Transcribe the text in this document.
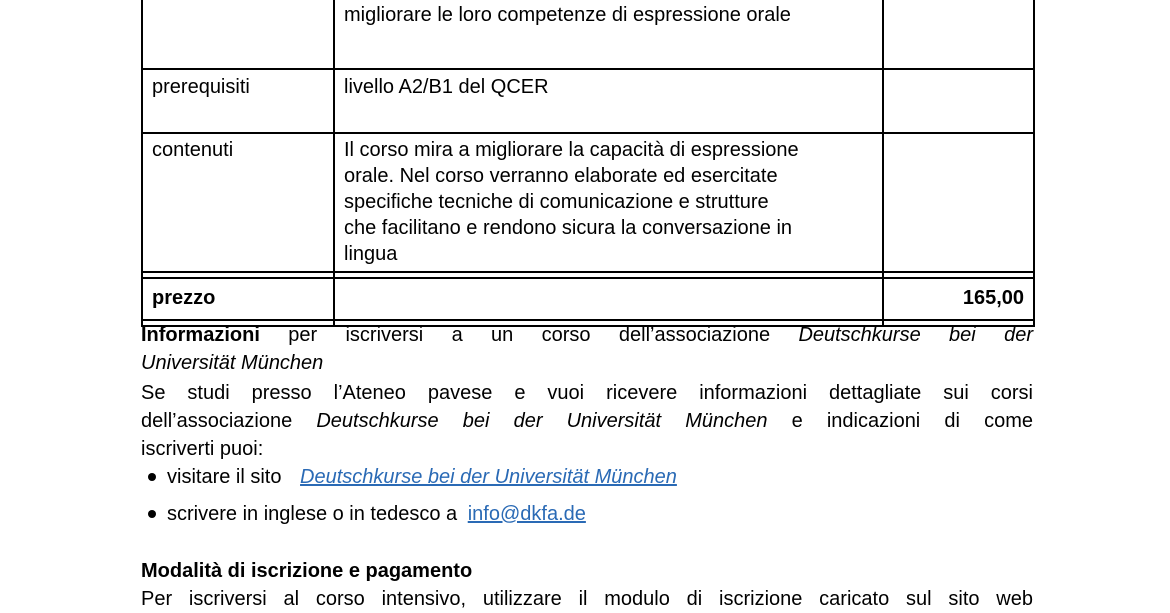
	migliorare le loro competenze di espressione orale	
prerequisiti	livello A2/B1 del QCER	
contenuti	Il corso mira a migliorare la capacità di espressione
orale. Nel corso verranno elaborate ed esercitate
specifiche tecniche di comunicazione e strutture
che facilitano e rendono sicura la conversazione in
lingua	

prezzo		165,00

Informazioni per iscriversi a un corso dell’associazione Deutschkurse bei der
Universität München
Se studi presso l’Ateneo pavese e vuoi ricevere informazioni dettagliate sui corsi
dell’associazione Deutschkurse bei der Universität München e indicazioni di come
iscriverti puoi:
visitare il sito Deutschkurse bei der Universität München
scrivere in inglese o in tedesco a info@dkfa.de
Modalità di iscrizione e pagamento
Per iscriversi al corso intensivo, utilizzare il modulo di iscrizione caricato sul sito web
